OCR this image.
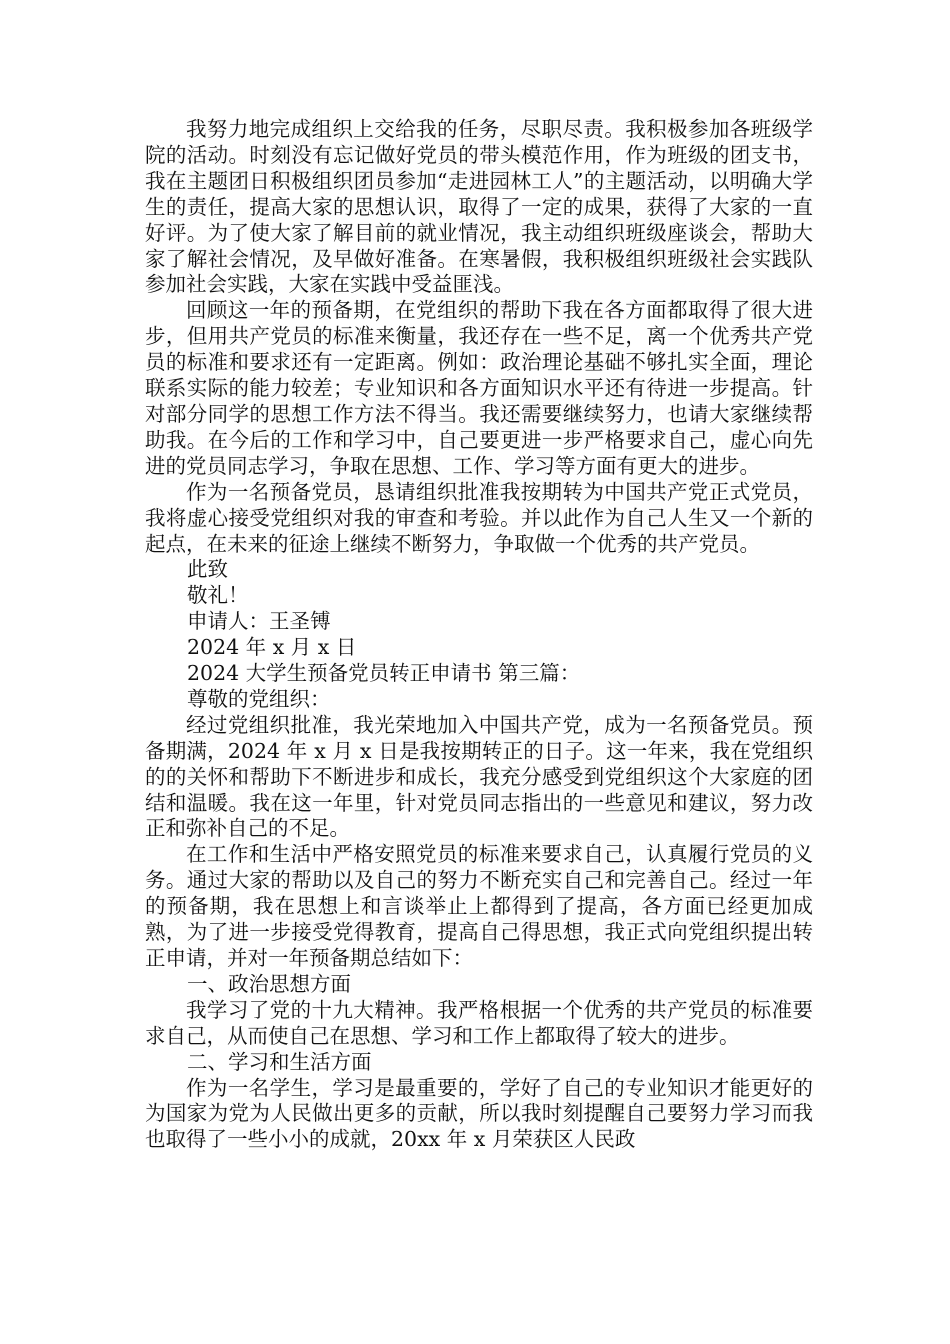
我努力地完成组织上交给我的任务，尽职尽责。我积极参加各班级学院的活动。时刻没有忘记做好党员的带头模范作用，作为班级的团支书，我在主题团日积极组织团员参加“走进园林工人”的主题活动，以明确大学生的责任，提高大家的思想认识，取得了一定的成果，获得了大家的一直好评。为了使大家了解目前的就业情况，我主动组织班级座谈会，帮助大家了解社会情况，及早做好准备。在寒暑假，我积极组织班级社会实践队参加社会实践，大家在实践中受益匪浅。

回顾这一年的预备期，在党组织的帮助下我在各方面都取得了很大进步，但用共产党员的标准来衡量，我还存在一些不足，离一个优秀共产党员的标准和要求还有一定距离。例如：政治理论基础不够扎实全面，理论联系实际的能力较差；专业知识和各方面知识水平还有待进一步提高。针对部分同学的思想工作方法不得当。我还需要继续努力，也请大家继续帮助我。在今后的工作和学习中，自己要更进一步严格要求自己，虚心向先进的党员同志学习，争取在思想、工作、学习等方面有更大的进步。

作为一名预备党员，恳请组织批准我按期转为中国共产党正式党员，我将虚心接受党组织对我的审查和考验。并以此作为自己人生又一个新的起点，在未来的征途上继续不断努力，争取做一个优秀的共产党员。

此致

敬礼！

申请人：王圣镈

2024 年 x 月 x 日

2024 大学生预备党员转正申请书 第三篇：

尊敬的党组织：

经过党组织批准，我光荣地加入中国共产党，成为一名预备党员。预备期满，2024 年 x 月 x 日是我按期转正的日子。这一年来，我在党组织的的关怀和帮助下不断进步和成长，我充分感受到党组织这个大家庭的团结和温暖。我在这一年里，针对党员同志指出的一些意见和建议，努力改正和弥补自己的不足。

在工作和生活中严格安照党员的标准来要求自己，认真履行党员的义务。通过大家的帮助以及自己的努力不断充实自己和完善自己。经过一年的预备期，我在思想上和言谈举止上都得到了提高，各方面已经更加成熟，为了进一步接受党得教育，提高自己得思想，我正式向党组织提出转正申请，并对一年预备期总结如下：

一、政治思想方面

我学习了党的十九大精神。我严格根据一个优秀的共产党员的标准要求自己，从而使自己在思想、学习和工作上都取得了较大的进步。

二、学习和生活方面

作为一名学生，学习是最重要的，学好了自己的专业知识才能更好的为国家为党为人民做出更多的贡献，所以我时刻提醒自己要努力学习而我也取得了一些小小的成就，20xx 年 x 月荣获区人民政
